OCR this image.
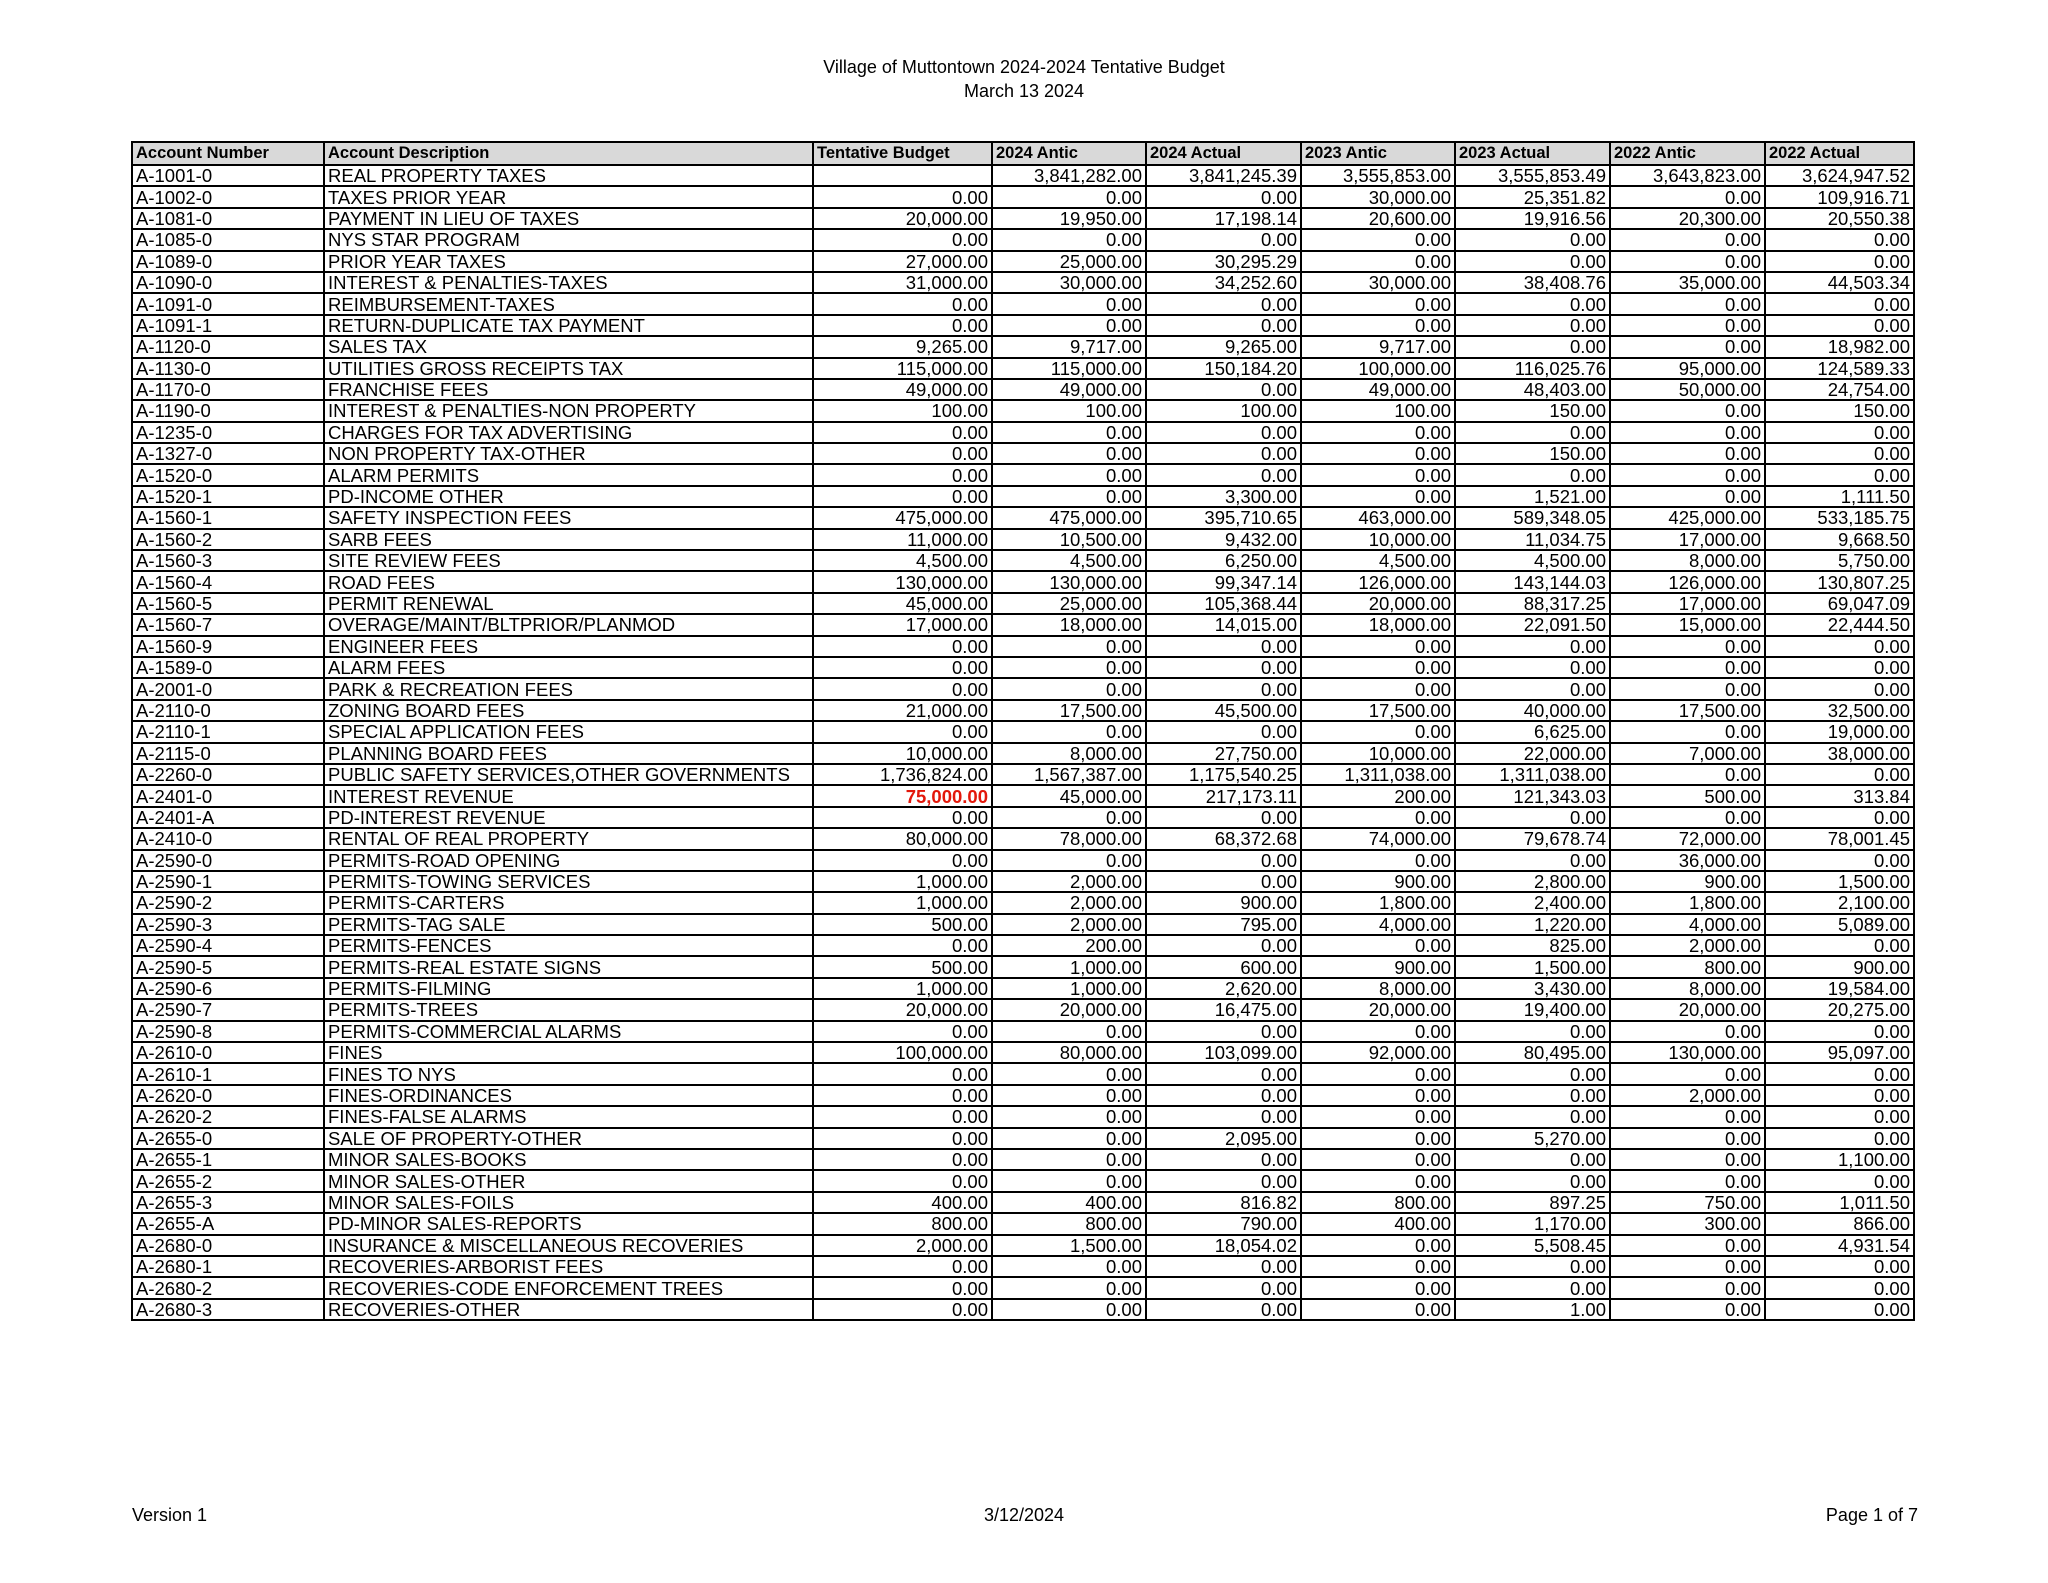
Village of Muttontown 2024-2024 Tentative Budget
March 13 2024
Account Number	Account Description	Tentative Budget	2024 Antic	2024 Actual	2023 Antic	2023 Actual	2022 Antic	2022 Actual
A-1001-0	REAL PROPERTY TAXES		3,841,282.00	3,841,245.39	3,555,853.00	3,555,853.49	3,643,823.00	3,624,947.52
A-1002-0	TAXES PRIOR YEAR	0.00	0.00	0.00	30,000.00	25,351.82	0.00	109,916.71
A-1081-0	PAYMENT IN LIEU OF TAXES	20,000.00	19,950.00	17,198.14	20,600.00	19,916.56	20,300.00	20,550.38
A-1085-0	NYS STAR PROGRAM	0.00	0.00	0.00	0.00	0.00	0.00	0.00
A-1089-0	PRIOR YEAR TAXES	27,000.00	25,000.00	30,295.29	0.00	0.00	0.00	0.00
A-1090-0	INTEREST & PENALTIES-TAXES	31,000.00	30,000.00	34,252.60	30,000.00	38,408.76	35,000.00	44,503.34
A-1091-0	REIMBURSEMENT-TAXES	0.00	0.00	0.00	0.00	0.00	0.00	0.00
A-1091-1	RETURN-DUPLICATE TAX PAYMENT	0.00	0.00	0.00	0.00	0.00	0.00	0.00
A-1120-0	SALES TAX	9,265.00	9,717.00	9,265.00	9,717.00	0.00	0.00	18,982.00
A-1130-0	UTILITIES GROSS RECEIPTS TAX	115,000.00	115,000.00	150,184.20	100,000.00	116,025.76	95,000.00	124,589.33
A-1170-0	FRANCHISE FEES	49,000.00	49,000.00	0.00	49,000.00	48,403.00	50,000.00	24,754.00
A-1190-0	INTEREST & PENALTIES-NON PROPERTY	100.00	100.00	100.00	100.00	150.00	0.00	150.00
A-1235-0	CHARGES FOR TAX ADVERTISING	0.00	0.00	0.00	0.00	0.00	0.00	0.00
A-1327-0	NON PROPERTY TAX-OTHER	0.00	0.00	0.00	0.00	150.00	0.00	0.00
A-1520-0	ALARM PERMITS	0.00	0.00	0.00	0.00	0.00	0.00	0.00
A-1520-1	PD-INCOME OTHER	0.00	0.00	3,300.00	0.00	1,521.00	0.00	1,111.50
A-1560-1	SAFETY INSPECTION FEES	475,000.00	475,000.00	395,710.65	463,000.00	589,348.05	425,000.00	533,185.75
A-1560-2	SARB FEES	11,000.00	10,500.00	9,432.00	10,000.00	11,034.75	17,000.00	9,668.50
A-1560-3	SITE REVIEW FEES	4,500.00	4,500.00	6,250.00	4,500.00	4,500.00	8,000.00	5,750.00
A-1560-4	ROAD FEES	130,000.00	130,000.00	99,347.14	126,000.00	143,144.03	126,000.00	130,807.25
A-1560-5	PERMIT RENEWAL	45,000.00	25,000.00	105,368.44	20,000.00	88,317.25	17,000.00	69,047.09
A-1560-7	OVERAGE/MAINT/BLTPRIOR/PLANMOD	17,000.00	18,000.00	14,015.00	18,000.00	22,091.50	15,000.00	22,444.50
A-1560-9	ENGINEER FEES	0.00	0.00	0.00	0.00	0.00	0.00	0.00
A-1589-0	ALARM FEES	0.00	0.00	0.00	0.00	0.00	0.00	0.00
A-2001-0	PARK & RECREATION FEES	0.00	0.00	0.00	0.00	0.00	0.00	0.00
A-2110-0	ZONING BOARD FEES	21,000.00	17,500.00	45,500.00	17,500.00	40,000.00	17,500.00	32,500.00
A-2110-1	SPECIAL APPLICATION FEES	0.00	0.00	0.00	0.00	6,625.00	0.00	19,000.00
A-2115-0	PLANNING BOARD FEES	10,000.00	8,000.00	27,750.00	10,000.00	22,000.00	7,000.00	38,000.00
A-2260-0	PUBLIC SAFETY SERVICES,OTHER GOVERNMENTS	1,736,824.00	1,567,387.00	1,175,540.25	1,311,038.00	1,311,038.00	0.00	0.00
A-2401-0	INTEREST REVENUE	75,000.00	45,000.00	217,173.11	200.00	121,343.03	500.00	313.84
A-2401-A	PD-INTEREST REVENUE	0.00	0.00	0.00	0.00	0.00	0.00	0.00
A-2410-0	RENTAL OF REAL PROPERTY	80,000.00	78,000.00	68,372.68	74,000.00	79,678.74	72,000.00	78,001.45
A-2590-0	PERMITS-ROAD OPENING	0.00	0.00	0.00	0.00	0.00	36,000.00	0.00
A-2590-1	PERMITS-TOWING SERVICES	1,000.00	2,000.00	0.00	900.00	2,800.00	900.00	1,500.00
A-2590-2	PERMITS-CARTERS	1,000.00	2,000.00	900.00	1,800.00	2,400.00	1,800.00	2,100.00
A-2590-3	PERMITS-TAG SALE	500.00	2,000.00	795.00	4,000.00	1,220.00	4,000.00	5,089.00
A-2590-4	PERMITS-FENCES	0.00	200.00	0.00	0.00	825.00	2,000.00	0.00
A-2590-5	PERMITS-REAL ESTATE SIGNS	500.00	1,000.00	600.00	900.00	1,500.00	800.00	900.00
A-2590-6	PERMITS-FILMING	1,000.00	1,000.00	2,620.00	8,000.00	3,430.00	8,000.00	19,584.00
A-2590-7	PERMITS-TREES	20,000.00	20,000.00	16,475.00	20,000.00	19,400.00	20,000.00	20,275.00
A-2590-8	PERMITS-COMMERCIAL ALARMS	0.00	0.00	0.00	0.00	0.00	0.00	0.00
A-2610-0	FINES	100,000.00	80,000.00	103,099.00	92,000.00	80,495.00	130,000.00	95,097.00
A-2610-1	FINES TO NYS	0.00	0.00	0.00	0.00	0.00	0.00	0.00
A-2620-0	FINES-ORDINANCES	0.00	0.00	0.00	0.00	0.00	2,000.00	0.00
A-2620-2	FINES-FALSE ALARMS	0.00	0.00	0.00	0.00	0.00	0.00	0.00
A-2655-0	SALE OF PROPERTY-OTHER	0.00	0.00	2,095.00	0.00	5,270.00	0.00	0.00
A-2655-1	MINOR SALES-BOOKS	0.00	0.00	0.00	0.00	0.00	0.00	1,100.00
A-2655-2	MINOR SALES-OTHER	0.00	0.00	0.00	0.00	0.00	0.00	0.00
A-2655-3	MINOR SALES-FOILS	400.00	400.00	816.82	800.00	897.25	750.00	1,011.50
A-2655-A	PD-MINOR SALES-REPORTS	800.00	800.00	790.00	400.00	1,170.00	300.00	866.00
A-2680-0	INSURANCE & MISCELLANEOUS RECOVERIES	2,000.00	1,500.00	18,054.02	0.00	5,508.45	0.00	4,931.54
A-2680-1	RECOVERIES-ARBORIST FEES	0.00	0.00	0.00	0.00	0.00	0.00	0.00
A-2680-2	RECOVERIES-CODE ENFORCEMENT TREES	0.00	0.00	0.00	0.00	0.00	0.00	0.00
A-2680-3	RECOVERIES-OTHER	0.00	0.00	0.00	0.00	1.00	0.00	0.00
Version 1	3/12/2024	Page 1 of 7
